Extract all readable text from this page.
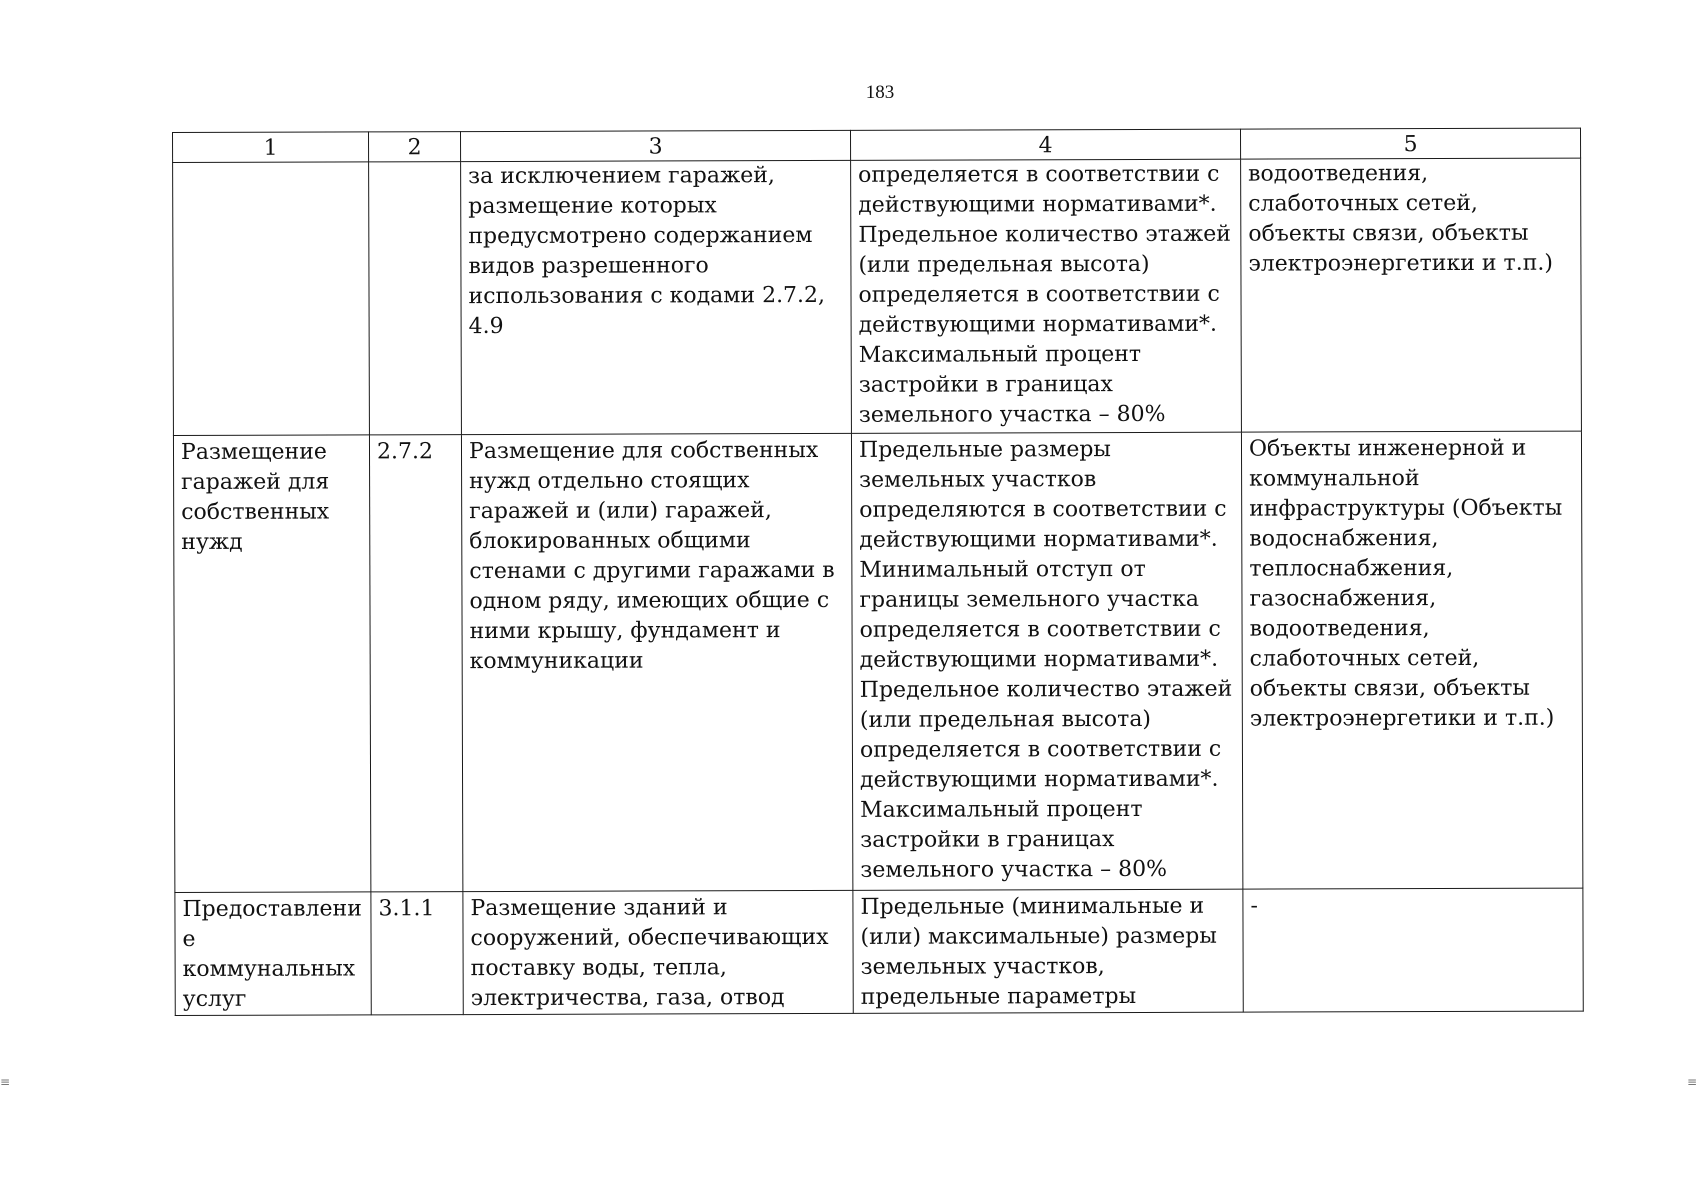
183
1	2	3	4	5
		за исключением гаражей, размещение которых предусмотрено содержанием видов разрешенного использования с кодами 2.7.2, 4.9	определяется в соответствии с действующими нормативами*. Предельное количество этажей (или предельная высота) определяется в соответствии с действующими нормативами*. Максимальный процент застройки в границах земельного участка – 80%	водоотведения, слаботочных сетей, объекты связи, объекты электроэнергетики и т.п.)
Размещение гаражей для собственных нужд	2.7.2	Размещение для собственных нужд отдельно стоящих гаражей и (или) гаражей, блокированных общими стенами с другими гаражами в одном ряду, имеющих общие с ними крышу, фундамент и коммуникации	Предельные размеры земельных участков определяются в соответствии с действующими нормативами*. Минимальный отступ от границы земельного участка определяется в соответствии с действующими нормативами*. Предельное количество этажей (или предельная высота) определяется в соответствии с действующими нормативами*. Максимальный процент застройки в границах земельного участка – 80%	Объекты инженерной и коммунальной инфраструктуры (Объекты водоснабжения, теплоснабжения, газоснабжения, водоотведения, слаботочных сетей, объекты связи, объекты электроэнергетики и т.п.)
Предоставлени е коммунальных услуг	3.1.1	Размещение зданий и сооружений, обеспечивающих поставку воды, тепла, электричества, газа, отвод	Предельные (минимальные и (или) максимальные) размеры земельных участков, предельные параметры	-
≡	≡
